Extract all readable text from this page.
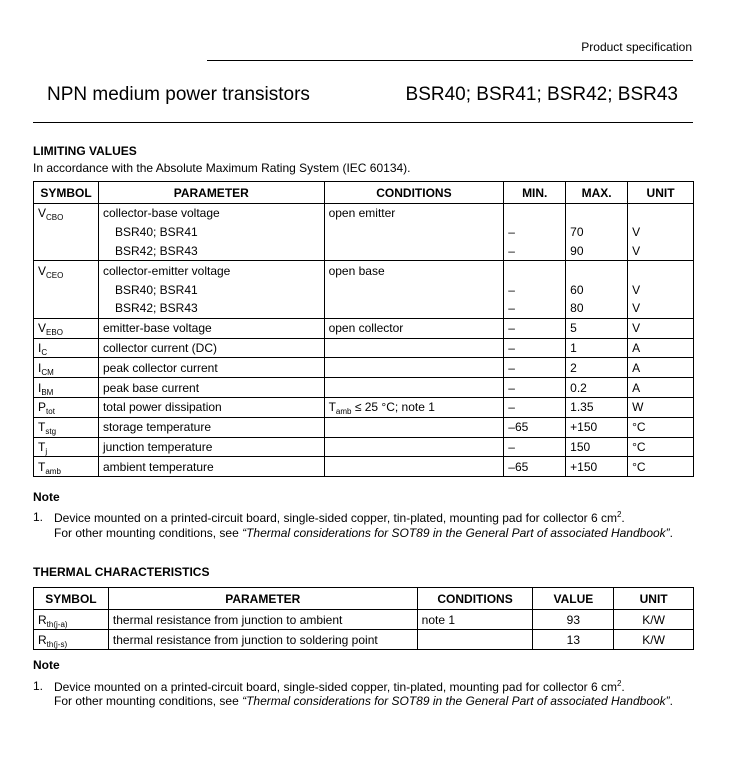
Product specification
NPN medium power transistors	BSR40; BSR41; BSR42; BSR43
LIMITING VALUES
In accordance with the Absolute Maximum Rating System (IEC 60134).
SYMBOL	PARAMETER	CONDITIONS	MIN.	MAX.	UNIT
$V_{CBO}$	collector-base voltage	open emitter			
	BSR40; BSR41		–	70	V
	BSR42; BSR43		–	90	V
$V_{CEO}$	collector-emitter voltage	open base			
	BSR40; BSR41		–	60	V
	BSR42; BSR43		–	80	V
$V_{EBO}$	emitter-base voltage	open collector	–	5	V
$I_C$	collector current (DC)		–	1	A
$I_{CM}$	peak collector current		–	2	A
$I_{BM}$	peak base current		–	0.2	A
$P_{tot}$	total power dissipation	$T_{amb} \le 25$ °C; note 1	–	1.35	W
$T_{stg}$	storage temperature		–65	+150	°C
$T_j$	junction temperature		–	150	°C
$T_{amb}$	ambient temperature		–65	+150	°C
Note
1. Device mounted on a printed-circuit board, single-sided copper, tin-plated, mounting pad for collector 6 $cm^2$.
For other mounting conditions, see “Thermal considerations for SOT89 in the General Part of associated Handbook”.
THERMAL CHARACTERISTICS
SYMBOL	PARAMETER	CONDITIONS	VALUE	UNIT
$R_{th(j-a)}$	thermal resistance from junction to ambient	note 1	93	K/W
$R_{th(j-s)}$	thermal resistance from junction to soldering point		13	K/W
Note
1. Device mounted on a printed-circuit board, single-sided copper, tin-plated, mounting pad for collector 6 $cm^2$.
For other mounting conditions, see “Thermal considerations for SOT89 in the General Part of associated Handbook”.
